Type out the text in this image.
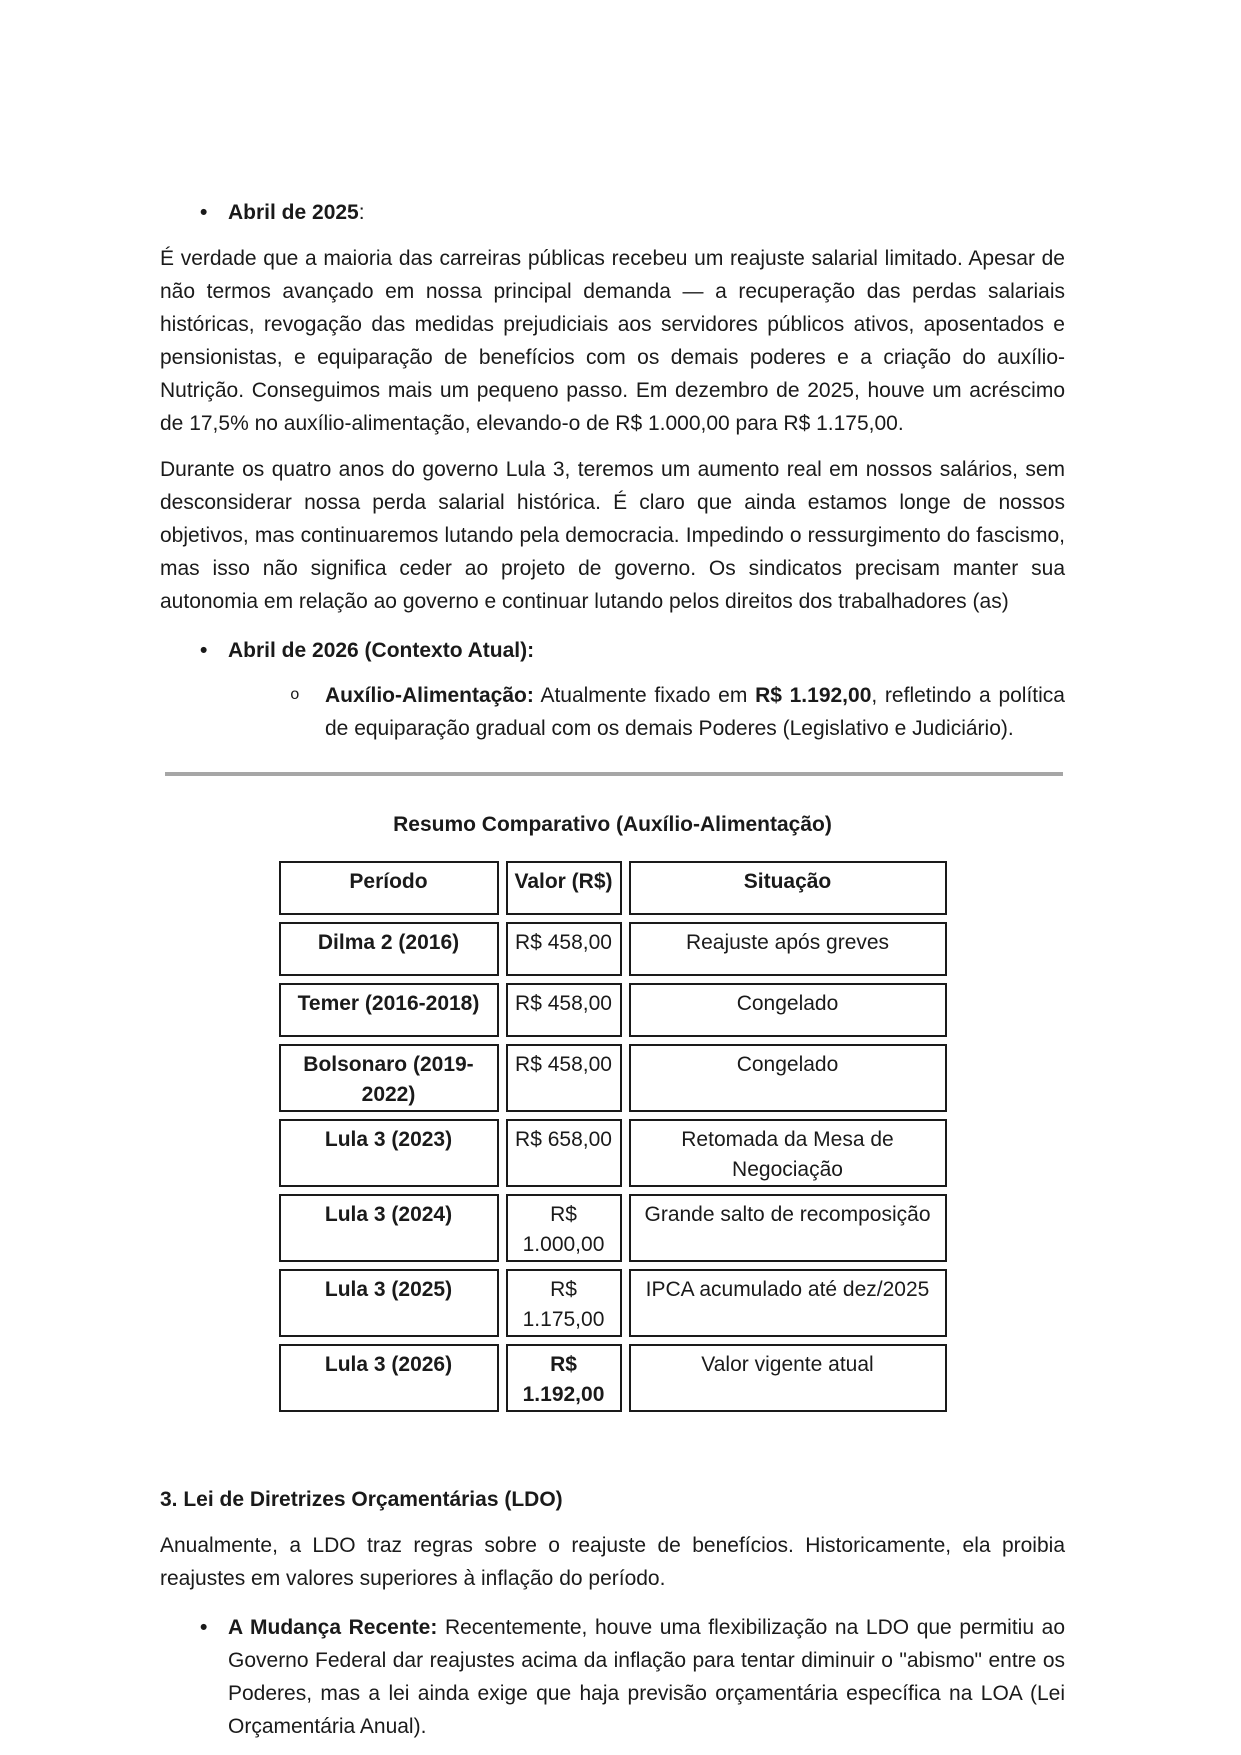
• Abril de 2025:

É verdade que a maioria das carreiras públicas recebeu um reajuste salarial limitado. Apesar de não termos avançado em nossa principal demanda — a recuperação das perdas salariais históricas, revogação das medidas prejudiciais aos servidores públicos ativos, aposentados e pensionistas, e equiparação de benefícios com os demais poderes e a criação do auxílio-Nutrição. Conseguimos mais um pequeno passo. Em dezembro de 2025, houve um acréscimo de 17,5% no auxílio-alimentação, elevando-o de R$ 1.000,00 para R$ 1.175,00.

Durante os quatro anos do governo Lula 3, teremos um aumento real em nossos salários, sem desconsiderar nossa perda salarial histórica. É claro que ainda estamos longe de nossos objetivos, mas continuaremos lutando pela democracia. Impedindo o ressurgimento do fascismo, mas isso não significa ceder ao projeto de governo. Os sindicatos precisam manter sua autonomia em relação ao governo e continuar lutando pelos direitos dos trabalhadores (as)

• Abril de 2026 (Contexto Atual):
o	Auxílio-Alimentação: Atualmente fixado em R$ 1.192,00, refletindo a política de equiparação gradual com os demais Poderes (Legislativo e Judiciário).
Resumo Comparativo (Auxílio-Alimentação)
Período	Valor (R$)	Situação
Dilma 2 (2016)	R$ 458,00	Reajuste após greves
Temer (2016-2018)	R$ 458,00	Congelado
Bolsonaro (2019-2022)	R$ 458,00	Congelado
Lula 3 (2023)	R$ 658,00	Retomada da Mesa de Negociação
Lula 3 (2024)	R$ 1.000,00	Grande salto de recomposição
Lula 3 (2025)	R$ 1.175,00	IPCA acumulado até dez/2025
Lula 3 (2026)	R$ 1.192,00	Valor vigente atual
3. Lei de Diretrizes Orçamentárias (LDO)

Anualmente, a LDO traz regras sobre o reajuste de benefícios. Historicamente, ela proibia reajustes em valores superiores à inflação do período.

• A Mudança Recente: Recentemente, houve uma flexibilização na LDO que permitiu ao Governo Federal dar reajustes acima da inflação para tentar diminuir o "abismo" entre os Poderes, mas a lei ainda exige que haja previsão orçamentária específica na LOA (Lei Orçamentária Anual).
